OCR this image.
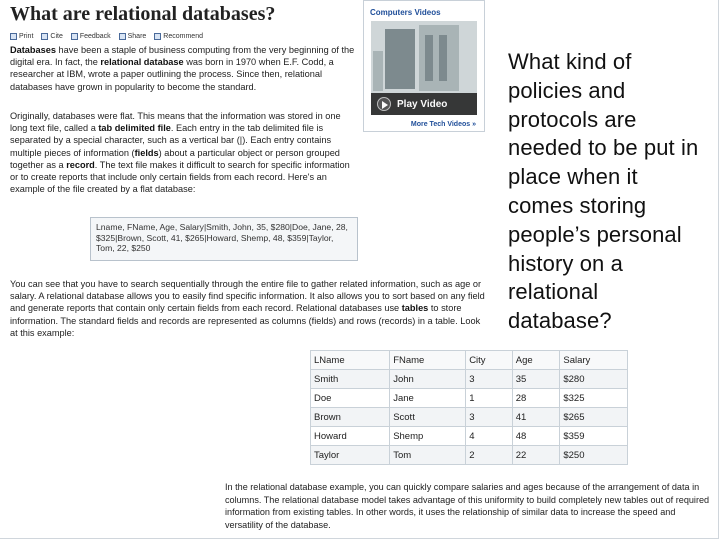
What are relational databases?
Print Cite Feedback Share Recommend

Databases have been a staple of business computing from the very beginning of the digital era. In fact, the relational database was born in 1970 when E.F. Codd, a researcher at IBM, wrote a paper outlining the process. Since then, relational databases have grown in popularity to become the standard.

Originally, databases were flat. This means that the information was stored in one long text file, called a tab delimited file. Each entry in the tab delimited file is separated by a special character, such as a vertical bar (|). Each entry contains multiple pieces of information (fields) about a particular object or person grouped together as a record. The text file makes it difficult to search for specific information or to create reports that include only certain fields from each record. Here's an example of the file created by a flat database:

Lname, FName, Age, Salary|Smith, John, 35, $280|Doe, Jane, 28, $325|Brown, Scott, 41, $265|Howard, Shemp, 48, $359|Taylor, Tom, 22, $250
Computers Videos
Play Video
More Tech Videos »
What kind of
policies and
protocols are
needed to be put in
place when it
comes storing
people’s personal
history on a
relational
database?

You can see that you have to search sequentially through the entire file to gather related information, such as age or salary. A relational database allows you to easily find specific information. It also allows you to sort based on any field and generate reports that contain only certain fields from each record. Relational databases use tables to store information. The standard fields and records are represented as columns (fields) and rows (records) in a table. Look at this example:

LName	FName	City	Age	Salary
Smith	John	3	35	$280
Doe	Jane	1	28	$325
Brown	Scott	3	41	$265
Howard	Shemp	4	48	$359
Taylor	Tom	2	22	$250

In the relational database example, you can quickly compare salaries and ages because of the arrangement of data in columns. The relational database model takes advantage of this uniformity to build completely new tables out of required information from existing tables. In other words, it uses the relationship of similar data to increase the speed and versatility of the database.
